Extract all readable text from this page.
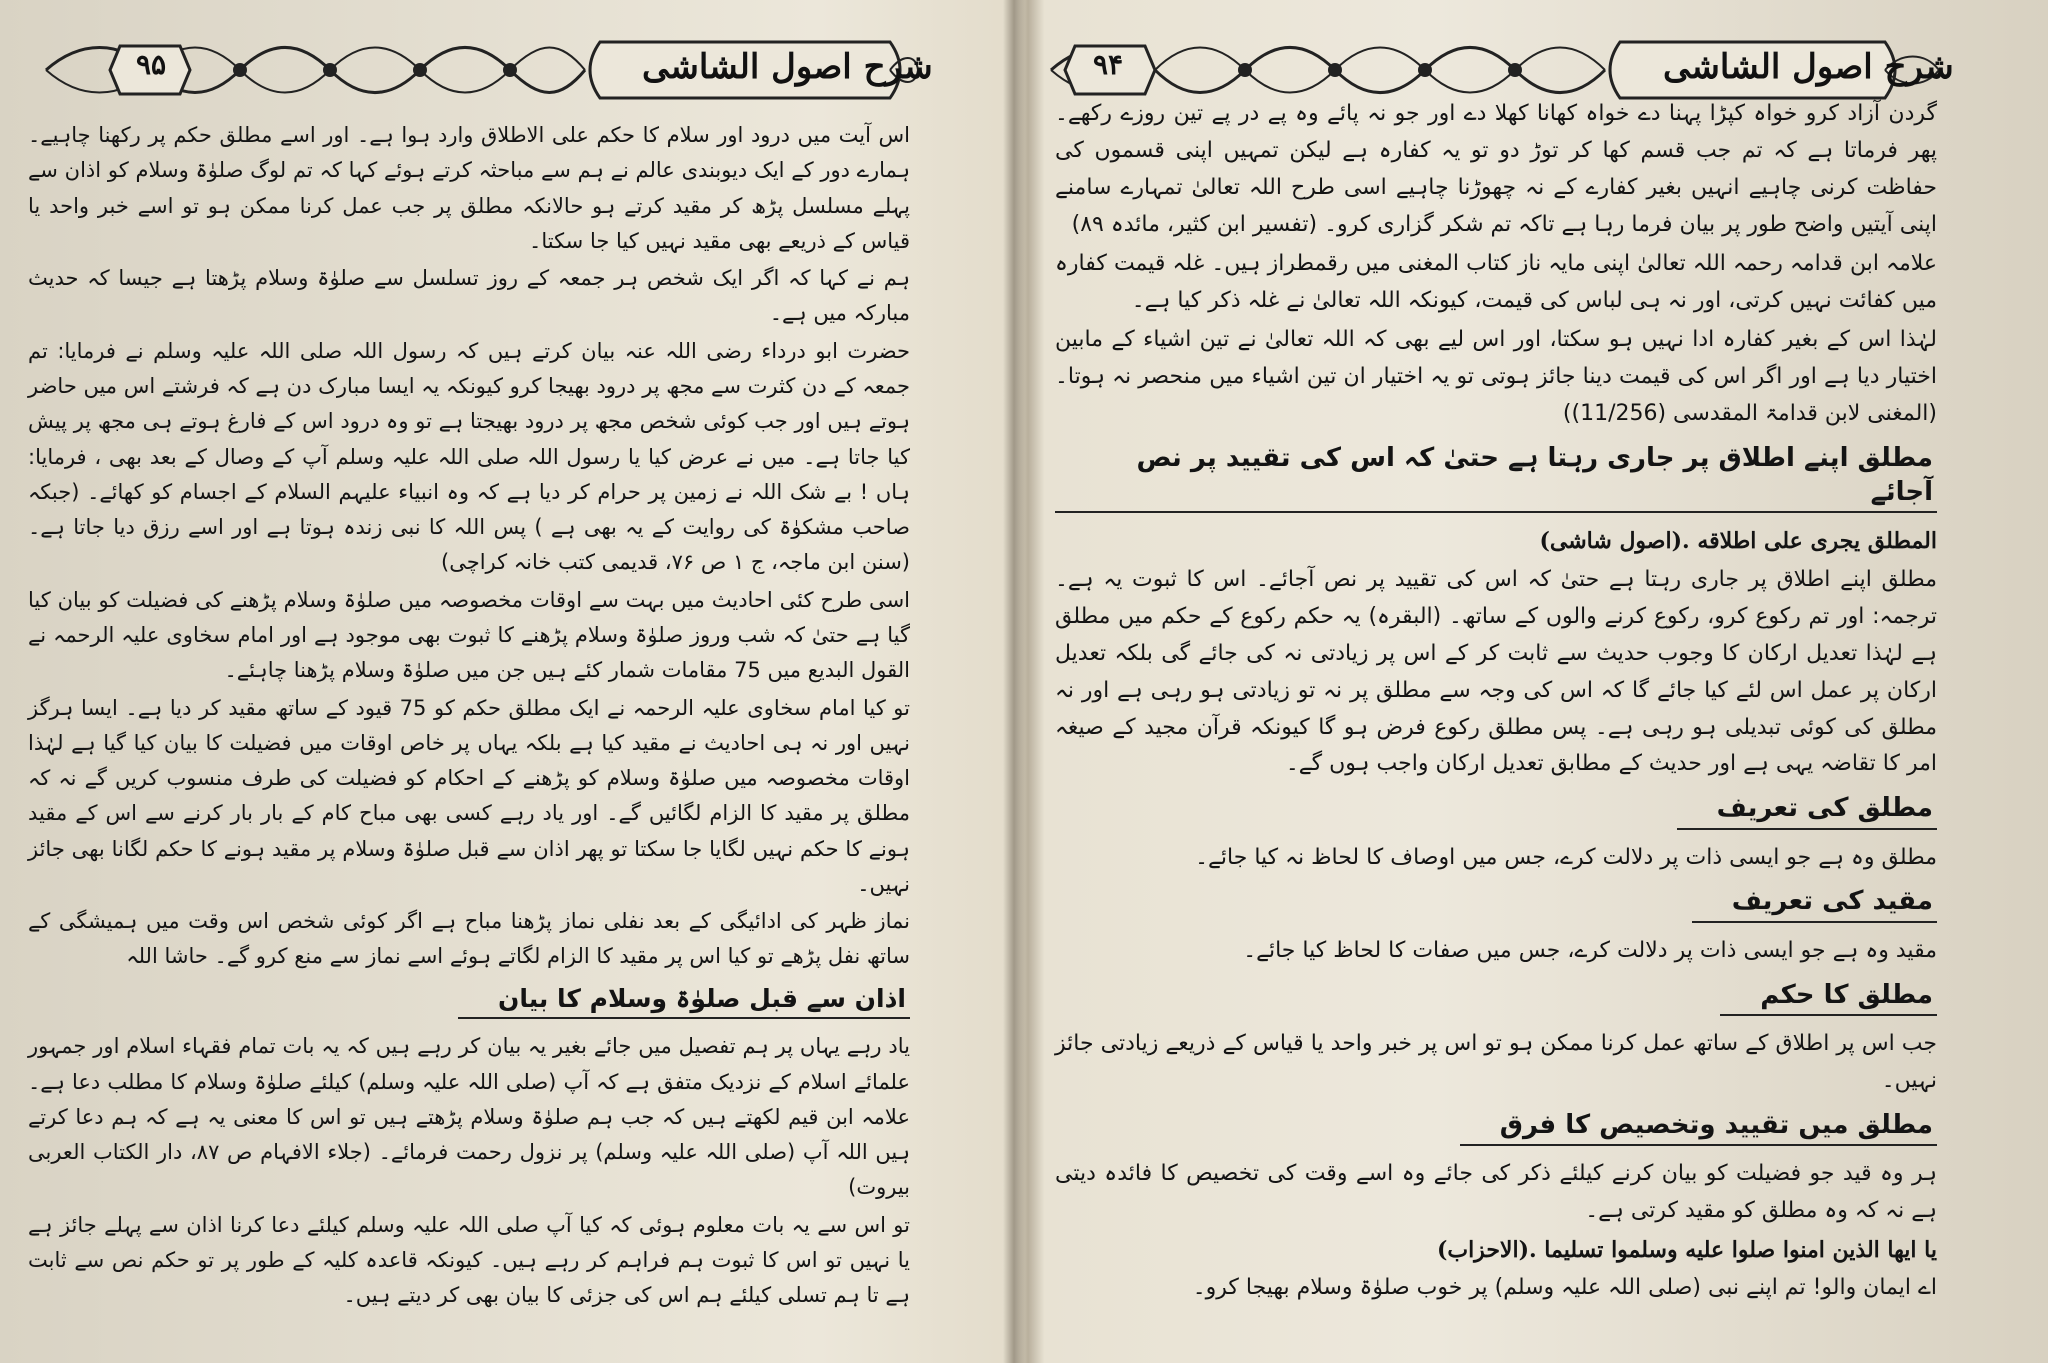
۹۵	شرح اصول الشاشی

اس آیت میں درود اور سلام کا حکم علی الاطلاق وارد ہوا ہے۔ اور اسے مطلق حکم پر رکھنا چاہیے۔ ہمارے دور کے ایک دیوبندی عالم نے ہم سے مباحثہ کرتے ہوئے کہا کہ تم لوگ صلوٰۃ وسلام کو اذان سے پہلے مسلسل پڑھ کر مقید کرتے ہو حالانکہ مطلق پر جب عمل کرنا ممکن ہو تو اسے خبر واحد یا قیاس کے ذریعے بھی مقید نہیں کیا جا سکتا۔

ہم نے کہا کہ اگر ایک شخص ہر جمعہ کے روز تسلسل سے صلوٰۃ وسلام پڑھتا ہے جیسا کہ حدیث مبارکہ میں ہے۔

حضرت ابو درداء رضی اللہ عنہ بیان کرتے ہیں کہ رسول اللہ صلی اللہ علیہ وسلم نے فرمایا: تم جمعہ کے دن کثرت سے مجھ پر درود بھیجا کرو کیونکہ یہ ایسا مبارک دن ہے کہ فرشتے اس میں حاضر ہوتے ہیں اور جب کوئی شخص مجھ پر درود بھیجتا ہے تو وہ درود اس کے فارغ ہوتے ہی مجھ پر پیش کیا جاتا ہے۔ میں نے عرض کیا یا رسول اللہ صلی اللہ علیہ وسلم آپ کے وصال کے بعد بھی ، فرمایا: ہاں ! بے شک اللہ نے زمین پر حرام کر دیا ہے کہ وہ انبیاء علیہم السلام کے اجسام کو کھائے۔ (جبکہ صاحب مشکوٰۃ کی روایت کے یہ بھی ہے ) پس اللہ کا نبی زندہ ہوتا ہے اور اسے رزق دیا جاتا ہے۔ (سنن ابن ماجہ، ج ۱ ص ۷۶، قدیمی کتب خانہ کراچی)

اسی طرح کئی احادیث میں بہت سے اوقات مخصوصہ میں صلوٰۃ وسلام پڑھنے کی فضیلت کو بیان کیا گیا ہے حتیٰ کہ شب وروز صلوٰۃ وسلام پڑھنے کا ثبوت بھی موجود ہے اور امام سخاوی علیہ الرحمہ نے القول البدیع میں 75 مقامات شمار کئے ہیں جن میں صلوٰۃ وسلام پڑھنا چاہئے۔

تو کیا امام سخاوی علیہ الرحمہ نے ایک مطلق حکم کو 75 قیود کے ساتھ مقید کر دیا ہے۔ ایسا ہرگز نہیں اور نہ ہی احادیث نے مقید کیا ہے بلکہ یہاں پر خاص اوقات میں فضیلت کا بیان کیا گیا ہے لہٰذا اوقات مخصوصہ میں صلوٰۃ وسلام کو پڑھنے کے احکام کو فضیلت کی طرف منسوب کریں گے نہ کہ مطلق پر مقید کا الزام لگائیں گے۔ اور یاد رہے کسی بھی مباح کام کے بار بار کرنے سے اس کے مقید ہونے کا حکم نہیں لگایا جا سکتا تو پھر اذان سے قبل صلوٰۃ وسلام پر مقید ہونے کا حکم لگانا بھی جائز نہیں۔

نماز ظہر کی ادائیگی کے بعد نفلی نماز پڑھنا مباح ہے اگر کوئی شخص اس وقت میں ہمیشگی کے ساتھ نفل پڑھے تو کیا اس پر مقید کا الزام لگاتے ہوئے اسے نماز سے منع کرو گے۔ حاشا اللہ

اذان سے قبل صلوٰۃ وسلام کا بیان

یاد رہے یہاں پر ہم تفصیل میں جائے بغیر یہ بیان کر رہے ہیں کہ یہ بات تمام فقہاء اسلام اور جمہور علمائے اسلام کے نزدیک متفق ہے کہ آپ (صلی اللہ علیہ وسلم) کیلئے صلوٰۃ وسلام کا مطلب دعا ہے۔ علامہ ابن قیم لکھتے ہیں کہ جب ہم صلوٰۃ وسلام پڑھتے ہیں تو اس کا معنی یہ ہے کہ ہم دعا کرتے ہیں اللہ آپ (صلی اللہ علیہ وسلم) پر نزول رحمت فرمائے۔ (جلاء الافہام ص ۸۷، دار الکتاب العربی بیروت)

تو اس سے یہ بات معلوم ہوئی کہ کیا آپ صلی اللہ علیہ وسلم کیلئے دعا کرنا اذان سے پہلے جائز ہے یا نہیں تو اس کا ثبوت ہم فراہم کر رہے ہیں۔ کیونکہ قاعدہ کلیہ کے طور پر تو حکم نص سے ثابت ہے تا ہم تسلی کیلئے ہم اس کی جزئی کا بیان بھی کر دیتے ہیں۔

۹۴	شرح اصول الشاشی

گردن آزاد کرو خواہ کپڑا پہنا دے خواہ کھانا کھلا دے اور جو نہ پائے وہ پے در پے تین روزے رکھے۔ پھر فرماتا ہے کہ تم جب قسم کھا کر توڑ دو تو یہ کفارہ ہے لیکن تمہیں اپنی قسموں کی حفاظت کرنی چاہیے انہیں بغیر کفارے کے نہ چھوڑنا چاہیے اسی طرح اللہ تعالیٰ تمہارے سامنے اپنی آیتیں واضح طور پر بیان فرما رہا ہے تاکہ تم شکر گزاری کرو۔ (تفسیر ابن کثیر، مائدہ ۸۹)

علامہ ابن قدامہ رحمہ اللہ تعالیٰ اپنی مایہ ناز کتاب المغنی میں رقمطراز ہیں۔ غلہ قیمت کفارہ میں کفائت نہیں کرتی، اور نہ ہی لباس کی قیمت، کیونکہ اللہ تعالیٰ نے غلہ ذکر کیا ہے۔

لہٰذا اس کے بغیر کفارہ ادا نہیں ہو سکتا، اور اس لیے بھی کہ اللہ تعالیٰ نے تین اشیاء کے مابین اختیار دیا ہے اور اگر اس کی قیمت دینا جائز ہوتی تو یہ اختیار ان تین اشیاء میں منحصر نہ ہوتا۔ (المغنی لابن قدامۃ المقدسی (11/256))

مطلق اپنے اطلاق پر جاری رہتا ہے حتیٰ کہ اس کی تقیید پر نص آجائے

المطلق یجری علی اطلاقه .(اصول شاشی)

مطلق اپنے اطلاق پر جاری رہتا ہے حتیٰ کہ اس کی تقیید پر نص آجائے۔ اس کا ثبوت یہ ہے۔ ترجمہ: اور تم رکوع کرو، رکوع کرنے والوں کے ساتھ۔ (البقرہ) یہ حکم رکوع کے حکم میں مطلق ہے لہٰذا تعدیل ارکان کا وجوب حدیث سے ثابت کر کے اس پر زیادتی نہ کی جائے گی بلکہ تعدیل ارکان پر عمل اس لئے کیا جائے گا کہ اس کی وجہ سے مطلق پر نہ تو زیادتی ہو رہی ہے اور نہ مطلق کی کوئی تبدیلی ہو رہی ہے۔ پس مطلق رکوع فرض ہو گا کیونکہ قرآن مجید کے صیغہ امر کا تقاضہ یہی ہے اور حدیث کے مطابق تعدیل ارکان واجب ہوں گے۔

مطلق کی تعریف

مطلق وہ ہے جو ایسی ذات پر دلالت کرے، جس میں اوصاف کا لحاظ نہ کیا جائے۔

مقید کی تعریف

مقید وہ ہے جو ایسی ذات پر دلالت کرے، جس میں صفات کا لحاظ کیا جائے۔

مطلق کا حکم

جب اس پر اطلاق کے ساتھ عمل کرنا ممکن ہو تو اس پر خبر واحد یا قیاس کے ذریعے زیادتی جائز نہیں۔

مطلق میں تقیید وتخصیص کا فرق

ہر وہ قید جو فضیلت کو بیان کرنے کیلئے ذکر کی جائے وہ اسے وقت کی تخصیص کا فائدہ دیتی ہے نہ کہ وہ مطلق کو مقید کرتی ہے۔

یا ایها الذین امنوا صلوا علیه وسلموا تسلیما .(الاحزاب)

اے ایمان والو! تم اپنے نبی (صلی اللہ علیہ وسلم) پر خوب صلوٰۃ وسلام بھیجا کرو۔
